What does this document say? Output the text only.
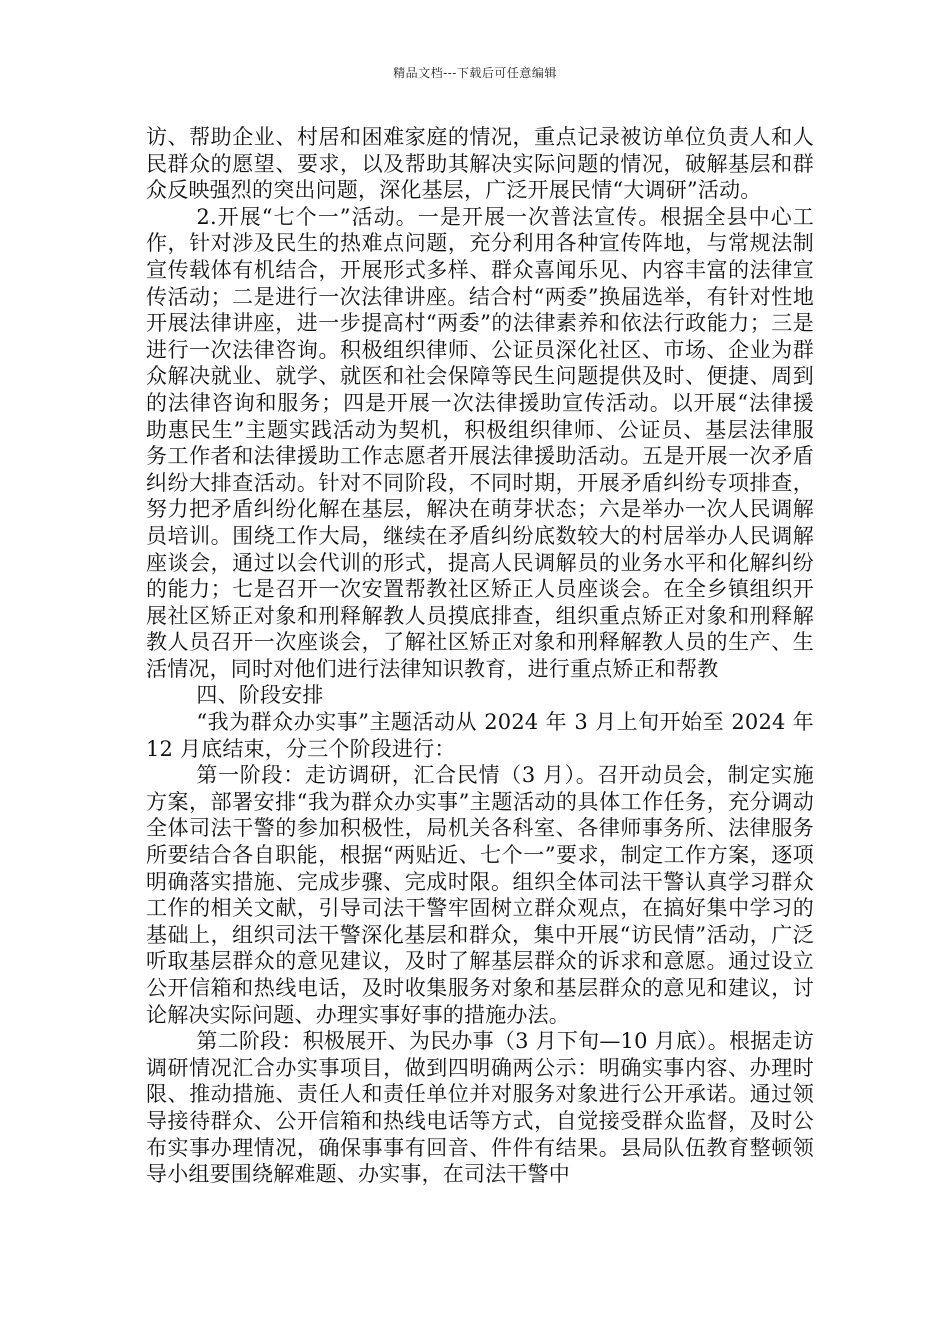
精品文档---下载后可任意编辑

访、帮助企业、村居和困难家庭的情况，重点记录被访单位负责人和人民群众的愿望、要求，以及帮助其解决实际问题的情况，破解基层和群众反映强烈的突出问题，深化基层，广泛开展民情“大调研”活动。

2.开展“七个一”活动。一是开展一次普法宣传。根据全县中心工作，针对涉及民生的热难点问题，充分利用各种宣传阵地，与常规法制宣传载体有机结合，开展形式多样、群众喜闻乐见、内容丰富的法律宣传活动；二是进行一次法律讲座。结合村“两委”换届选举，有针对性地开展法律讲座，进一步提高村“两委”的法律素养和依法行政能力；三是进行一次法律咨询。积极组织律师、公证员深化社区、市场、企业为群众解决就业、就学、就医和社会保障等民生问题提供及时、便捷、周到的法律咨询和服务；四是开展一次法律援助宣传活动。以开展“法律援助惠民生”主题实践活动为契机，积极组织律师、公证员、基层法律服务工作者和法律援助工作志愿者开展法律援助活动。五是开展一次矛盾纠纷大排查活动。针对不同阶段，不同时期，开展矛盾纠纷专项排查，努力把矛盾纠纷化解在基层，解决在萌芽状态；六是举办一次人民调解员培训。围绕工作大局，继续在矛盾纠纷底数较大的村居举办人民调解座谈会，通过以会代训的形式，提高人民调解员的业务水平和化解纠纷的能力；七是召开一次安置帮教社区矫正人员座谈会。在全乡镇组织开展社区矫正对象和刑释解教人员摸底排查，组织重点矫正对象和刑释解教人员召开一次座谈会，了解社区矫正对象和刑释解教人员的生产、生活情况，同时对他们进行法律知识教育，进行重点矫正和帮教

四、阶段安排

“我为群众办实事”主题活动从 2024 年 3 月上旬开始至 2024 年 12 月底结束，分三个阶段进行：

第一阶段：走访调研，汇合民情（3 月）。召开动员会，制定实施方案，部署安排“我为群众办实事”主题活动的具体工作任务，充分调动全体司法干警的参加积极性，局机关各科室、各律师事务所、法律服务所要结合各自职能，根据“两贴近、七个一”要求，制定工作方案，逐项明确落实措施、完成步骤、完成时限。组织全体司法干警认真学习群众工作的相关文献，引导司法干警牢固树立群众观点，在搞好集中学习的基础上，组织司法干警深化基层和群众，集中开展“访民情”活动，广泛听取基层群众的意见建议，及时了解基层群众的诉求和意愿。通过设立公开信箱和热线电话，及时收集服务对象和基层群众的意见和建议，讨论解决实际问题、办理实事好事的措施办法。

第二阶段：积极展开、为民办事（3 月下旬—10 月底）。根据走访调研情况汇合办实事项目，做到四明确两公示：明确实事内容、办理时限、推动措施、责任人和责任单位并对服务对象进行公开承诺。通过领导接待群众、公开信箱和热线电话等方式，自觉接受群众监督，及时公布实事办理情况，确保事事有回音、件件有结果。县局队伍教育整顿领导小组要围绕解难题、办实事，在司法干警中
